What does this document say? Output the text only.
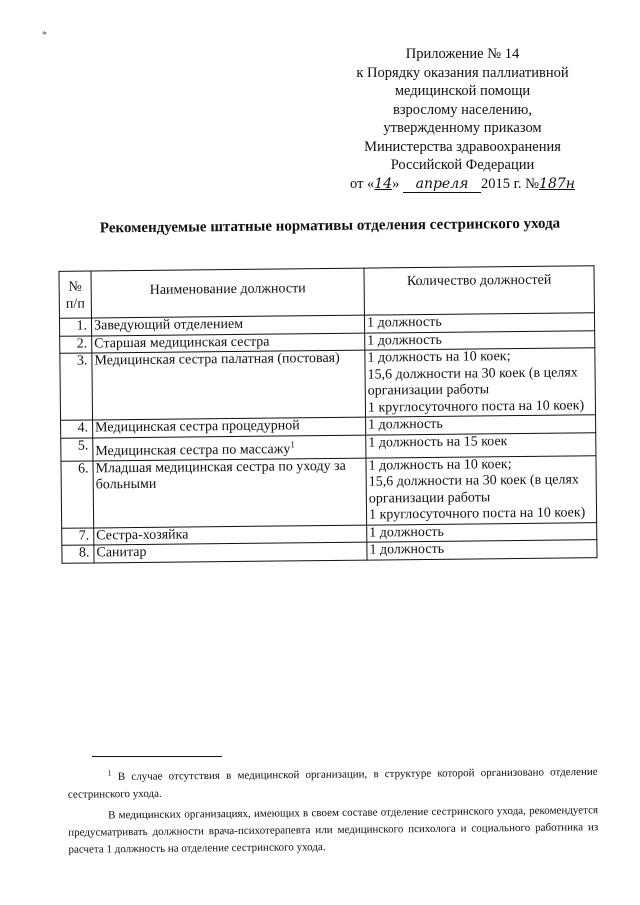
*
Приложение № 14
к Порядку оказания паллиативной
медицинской помощи
взрослому населению,
утвержденному приказом
Министерства здравоохранения
Российской Федерации
от «14» апреля 2015 г. №187н
Рекомендуемые штатные нормативы отделения сестринского ухода
№ п/п	Наименование должности	Количество должностей
1.	Заведующий отделением	1 должность

2.	Старшая медицинская сестра	1 должность

3.	Медицинская сестра палатная (постовая)	1 должность на 10 коек;
15,6 должности на 30 коек (в целях
организации работы
1 круглосуточного поста на 10 коек)

4.	Медицинская сестра процедурной	1 должность

5.	Медицинская сестра по массажу$^1$	1 должность на 15 коек

6.	Младшая медицинская сестра по уходу за больными	1 должность на 10 коек;
15,6 должности на 30 коек (в целях
организации работы
1 круглосуточного поста на 10 коек)

7.	Сестра-хозяйка	1 должность

8.	Санитар	1 должность

$^1$ В случае отсутствия в медицинской организации, в структуре которой организовано отделение сестринского ухода.

В медицинских организациях, имеющих в своем составе отделение сестринского ухода, рекомендуется предусматривать должности врача-психотерапевта или медицинского психолога и социального работника из расчета 1 должность на отделение сестринского ухода.
